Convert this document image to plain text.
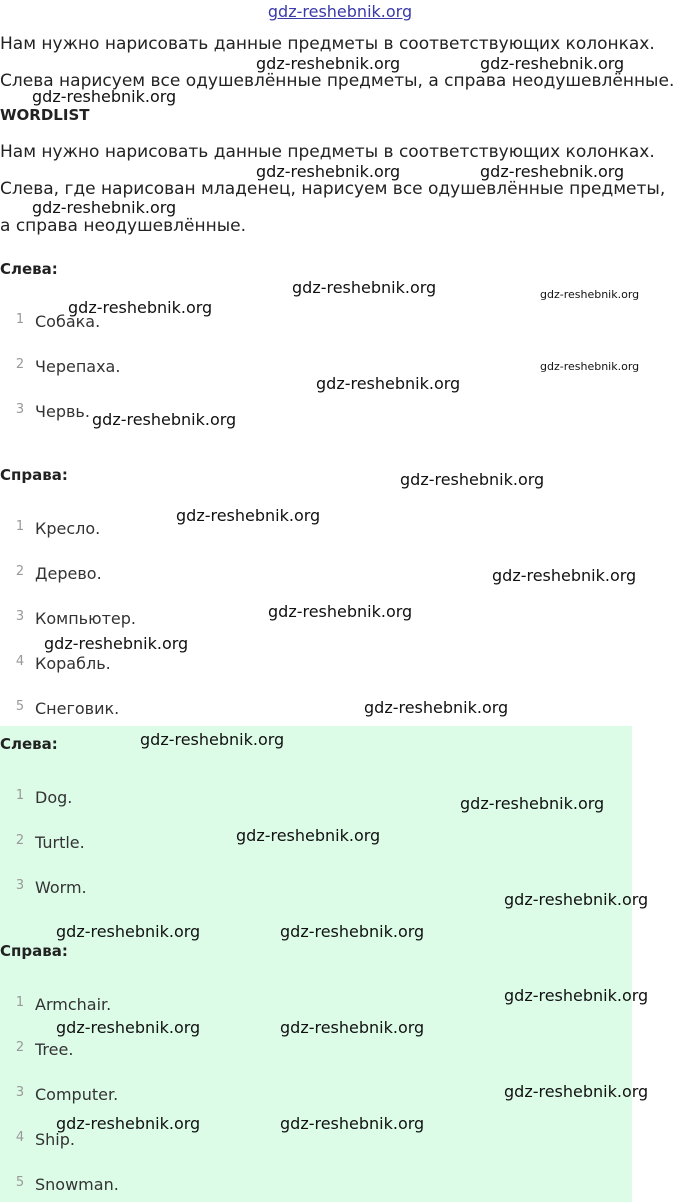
gdz-reshebnik.org
Нам нужно нарисовать данные предметы в соответствующих колонках. Слева нарисуем все одушевлённые предметы, а справа неодушевлённые.
WORDLIST
Нам нужно нарисовать данные предметы в соответствующих колонках. Слева, где нарисован младенец, нарисуем все одушевлённые предметы, а справа неодушевлённые.
Слева:
1 Собака.
2 Черепаха.
3 Червь.
Справа:
1 Кресло.
2 Дерево.
3 Компьютер.
4 Корабль.
5 Снеговик.
Слева:
1 Dog.
2 Turtle.
3 Worm.
Справа:
1 Armchair.
2 Tree.
3 Computer.
4 Ship.
5 Snowman.
gdz-reshebnik.org	gdz-reshebnik.org
gdz-reshebnik.org
gdz-reshebnik.org	gdz-reshebnik.org
gdz-reshebnik.org
gdz-reshebnik.org	gdz-reshebnik.org
gdz-reshebnik.org
gdz-reshebnik.org
gdz-reshebnik.org
gdz-reshebnik.org
gdz-reshebnik.org
gdz-reshebnik.org
gdz-reshebnik.org
gdz-reshebnik.org
gdz-reshebnik.org
gdz-reshebnik.org
gdz-reshebnik.org
gdz-reshebnik.org
gdz-reshebnik.org
gdz-reshebnik.org
gdz-reshebnik.org	gdz-reshebnik.org
gdz-reshebnik.org
gdz-reshebnik.org	gdz-reshebnik.org
gdz-reshebnik.org
gdz-reshebnik.org	gdz-reshebnik.org
